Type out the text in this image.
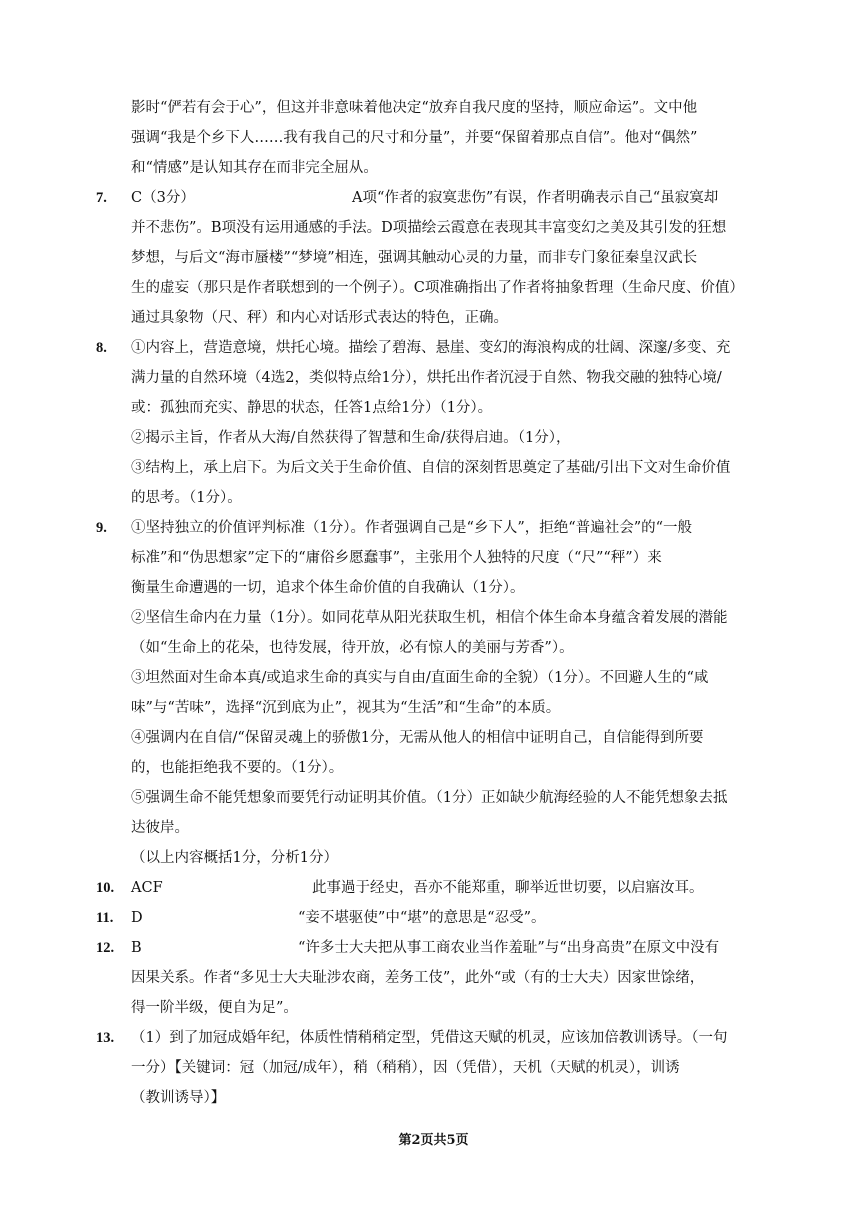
影时“俨若有会于心”，但这并非意味着他决定“放弃自我尺度的坚持，顺应命运”。文中他
强调“我是个乡下人……我有我自己的尺寸和分量”，并要“保留着那点自信”。他对“偶然”
和“情感”是认知其存在而非完全屈从。
7. C（3分）	A项“作者的寂寞悲伤”有误，作者明确表示自己“虽寂寞却
并不悲伤”。B项没有运用通感的手法。D项描绘云霞意在表现其丰富变幻之美及其引发的狂想
梦想，与后文“海市蜃楼”“梦境”相连，强调其触动心灵的力量，而非专门象征秦皇汉武长
生的虚妄（那只是作者联想到的一个例子）。C项准确指出了作者将抽象哲理（生命尺度、价值）
通过具象物（尺、秤）和内心对话形式表达的特色，正确。
8. ①内容上，营造意境，烘托心境。描绘了碧海、悬崖、变幻的海浪构成的壮阔、深邃/多变、充
满力量的自然环境（4选2，类似特点给1分），烘托出作者沉浸于自然、物我交融的独特心境/
或：孤独而充实、静思的状态，任答1点给1分）（1分）。
②揭示主旨，作者从大海/自然获得了智慧和生命/获得启迪。（1分），
③结构上，承上启下。为后文关于生命价值、自信的深刻哲思奠定了基础/引出下文对生命价值
的思考。（1分）。
9. ①坚持独立的价值评判标准（1分）。作者强调自己是“乡下人”，拒绝“普遍社会”的“一般
标准”和“伪思想家”定下的“庸俗乡愿蠢事”，主张用个人独特的尺度（“尺”“秤”）来
衡量生命遭遇的一切，追求个体生命价值的自我确认（1分）。
②坚信生命内在力量（1分）。如同花草从阳光获取生机，相信个体生命本身蕴含着发展的潜能
（如“生命上的花朵，也待发展，待开放，必有惊人的美丽与芳香”）。
③坦然面对生命本真/或追求生命的真实与自由/直面生命的全貌）（1分）。不回避人生的“咸
味”与“苦味”，选择“沉到底为止”，视其为“生活”和“生命”的本质。
④强调内在自信/“保留灵魂上的骄傲1分，无需从他人的相信中证明自己，自信能得到所要
的，也能拒绝我不要的。（1分）。
⑤强调生命不能凭想象而要凭行动证明其价值。（1分）正如缺少航海经验的人不能凭想象去抵
达彼岸。
（以上内容概括1分，分析1分）
10. ACF	此事過于经史，吾亦不能郑重，聊举近世切要，以启寤汝耳。
11. D	“妾不堪驱使”中“堪”的意思是“忍受”。
12. B	“许多士大夫把从事工商农业当作羞耻”与“出身高贵”在原文中没有
因果关系。作者“多见士大夫耻涉农商，差务工伎”，此外“或（有的士大夫）因家世馀绪，
得一阶半级，便自为足”。
13. （1）到了加冠成婚年纪，体质性情稍稍定型，凭借这天赋的机灵，应该加倍教训诱导。（一句
一分）【关键词：冠（加冠/成年），稍（稍稍），因（凭借），天机（天赋的机灵），训诱
（教训诱导）】
第2页共5页
